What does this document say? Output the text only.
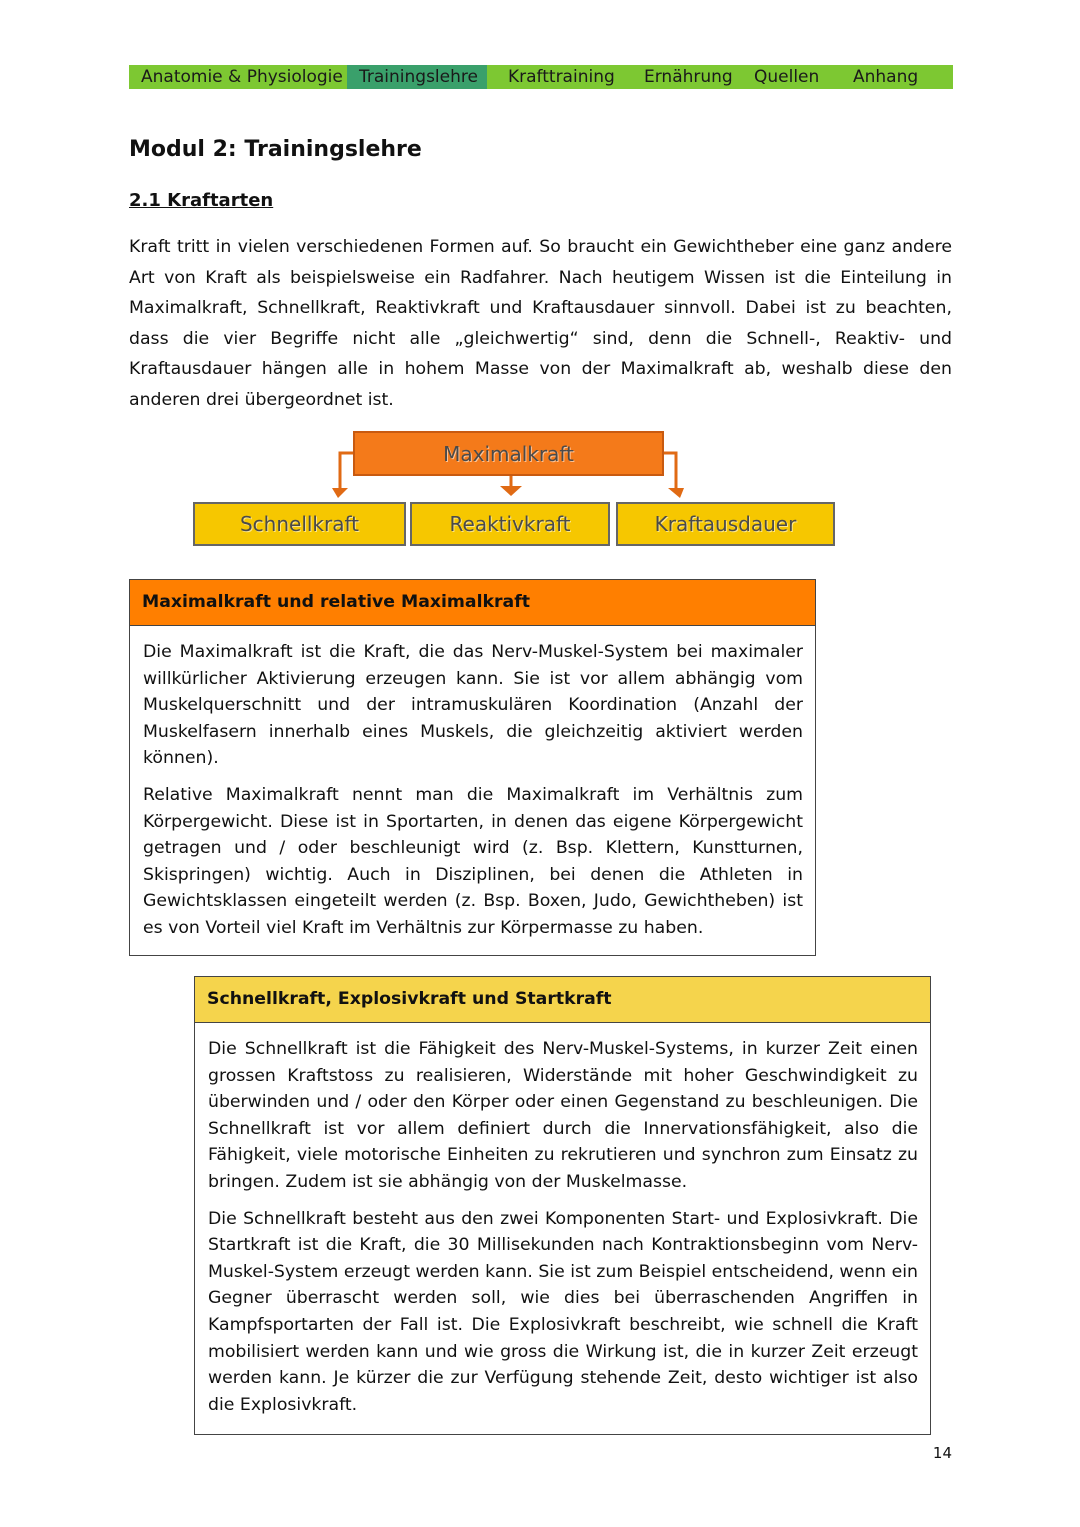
Anatomie & Physiologie Trainingslehre	Krafttraining	Ernährung	Quellen	Anhang
Modul 2: Trainingslehre
2.1 Kraftarten

Kraft tritt in vielen verschiedenen Formen auf. So braucht ein Gewichtheber eine ganz andere Art von Kraft als beispielsweise ein Radfahrer. Nach heutigem Wissen ist die Einteilung in Maximalkraft, Schnellkraft, Reaktivkraft und Kraftausdauer sinnvoll. Dabei ist zu beachten, dass die vier Begriffe nicht alle „gleichwertig“ sind, denn die Schnell-, Reaktiv- und Kraftausdauer hängen alle in hohem Masse von der Maximalkraft ab, weshalb diese den anderen drei übergeordnet ist.

Maximalkraft
Schnellkraft	Reaktivkraft	Kraftausdauer
Maximalkraft und relative Maximalkraft

Die Maximalkraft ist die Kraft, die das Nerv-Muskel-System bei maximaler willkürlicher Aktivierung erzeugen kann. Sie ist vor allem abhängig vom Muskelquerschnitt und der intramuskulären Koordination (Anzahl der Muskelfasern innerhalb eines Muskels, die gleichzeitig aktiviert werden können).

Relative Maximalkraft nennt man die Maximalkraft im Verhältnis zum Körpergewicht. Diese ist in Sportarten, in denen das eigene Körpergewicht getragen und / oder beschleunigt wird (z. Bsp. Klettern, Kunstturnen, Skispringen) wichtig. Auch in Disziplinen, bei denen die Athleten in Gewichtsklassen eingeteilt werden (z. Bsp. Boxen, Judo, Gewichtheben) ist es von Vorteil viel Kraft im Verhältnis zur Körpermasse zu haben.

Schnellkraft, Explosivkraft und Startkraft

Die Schnellkraft ist die Fähigkeit des Nerv-Muskel-Systems, in kurzer Zeit einen grossen Kraftstoss zu realisieren, Widerstände mit hoher Geschwindigkeit zu überwinden und / oder den Körper oder einen Gegenstand zu beschleunigen. Die Schnellkraft ist vor allem definiert durch die Innervationsfähigkeit, also die Fähigkeit, viele motorische Einheiten zu rekrutieren und synchron zum Einsatz zu bringen. Zudem ist sie abhängig von der Muskelmasse.

Die Schnellkraft besteht aus den zwei Komponenten Start- und Explosivkraft. Die Startkraft ist die Kraft, die 30 Millisekunden nach Kontraktionsbeginn vom Nerv-Muskel-System erzeugt werden kann. Sie ist zum Beispiel entscheidend, wenn ein Gegner überrascht werden soll, wie dies bei überraschenden Angriffen in Kampfsportarten der Fall ist. Die Explosivkraft beschreibt, wie schnell die Kraft mobilisiert werden kann und wie gross die Wirkung ist, die in kurzer Zeit erzeugt werden kann. Je kürzer die zur Verfügung stehende Zeit, desto wichtiger ist also die Explosivkraft.

14
